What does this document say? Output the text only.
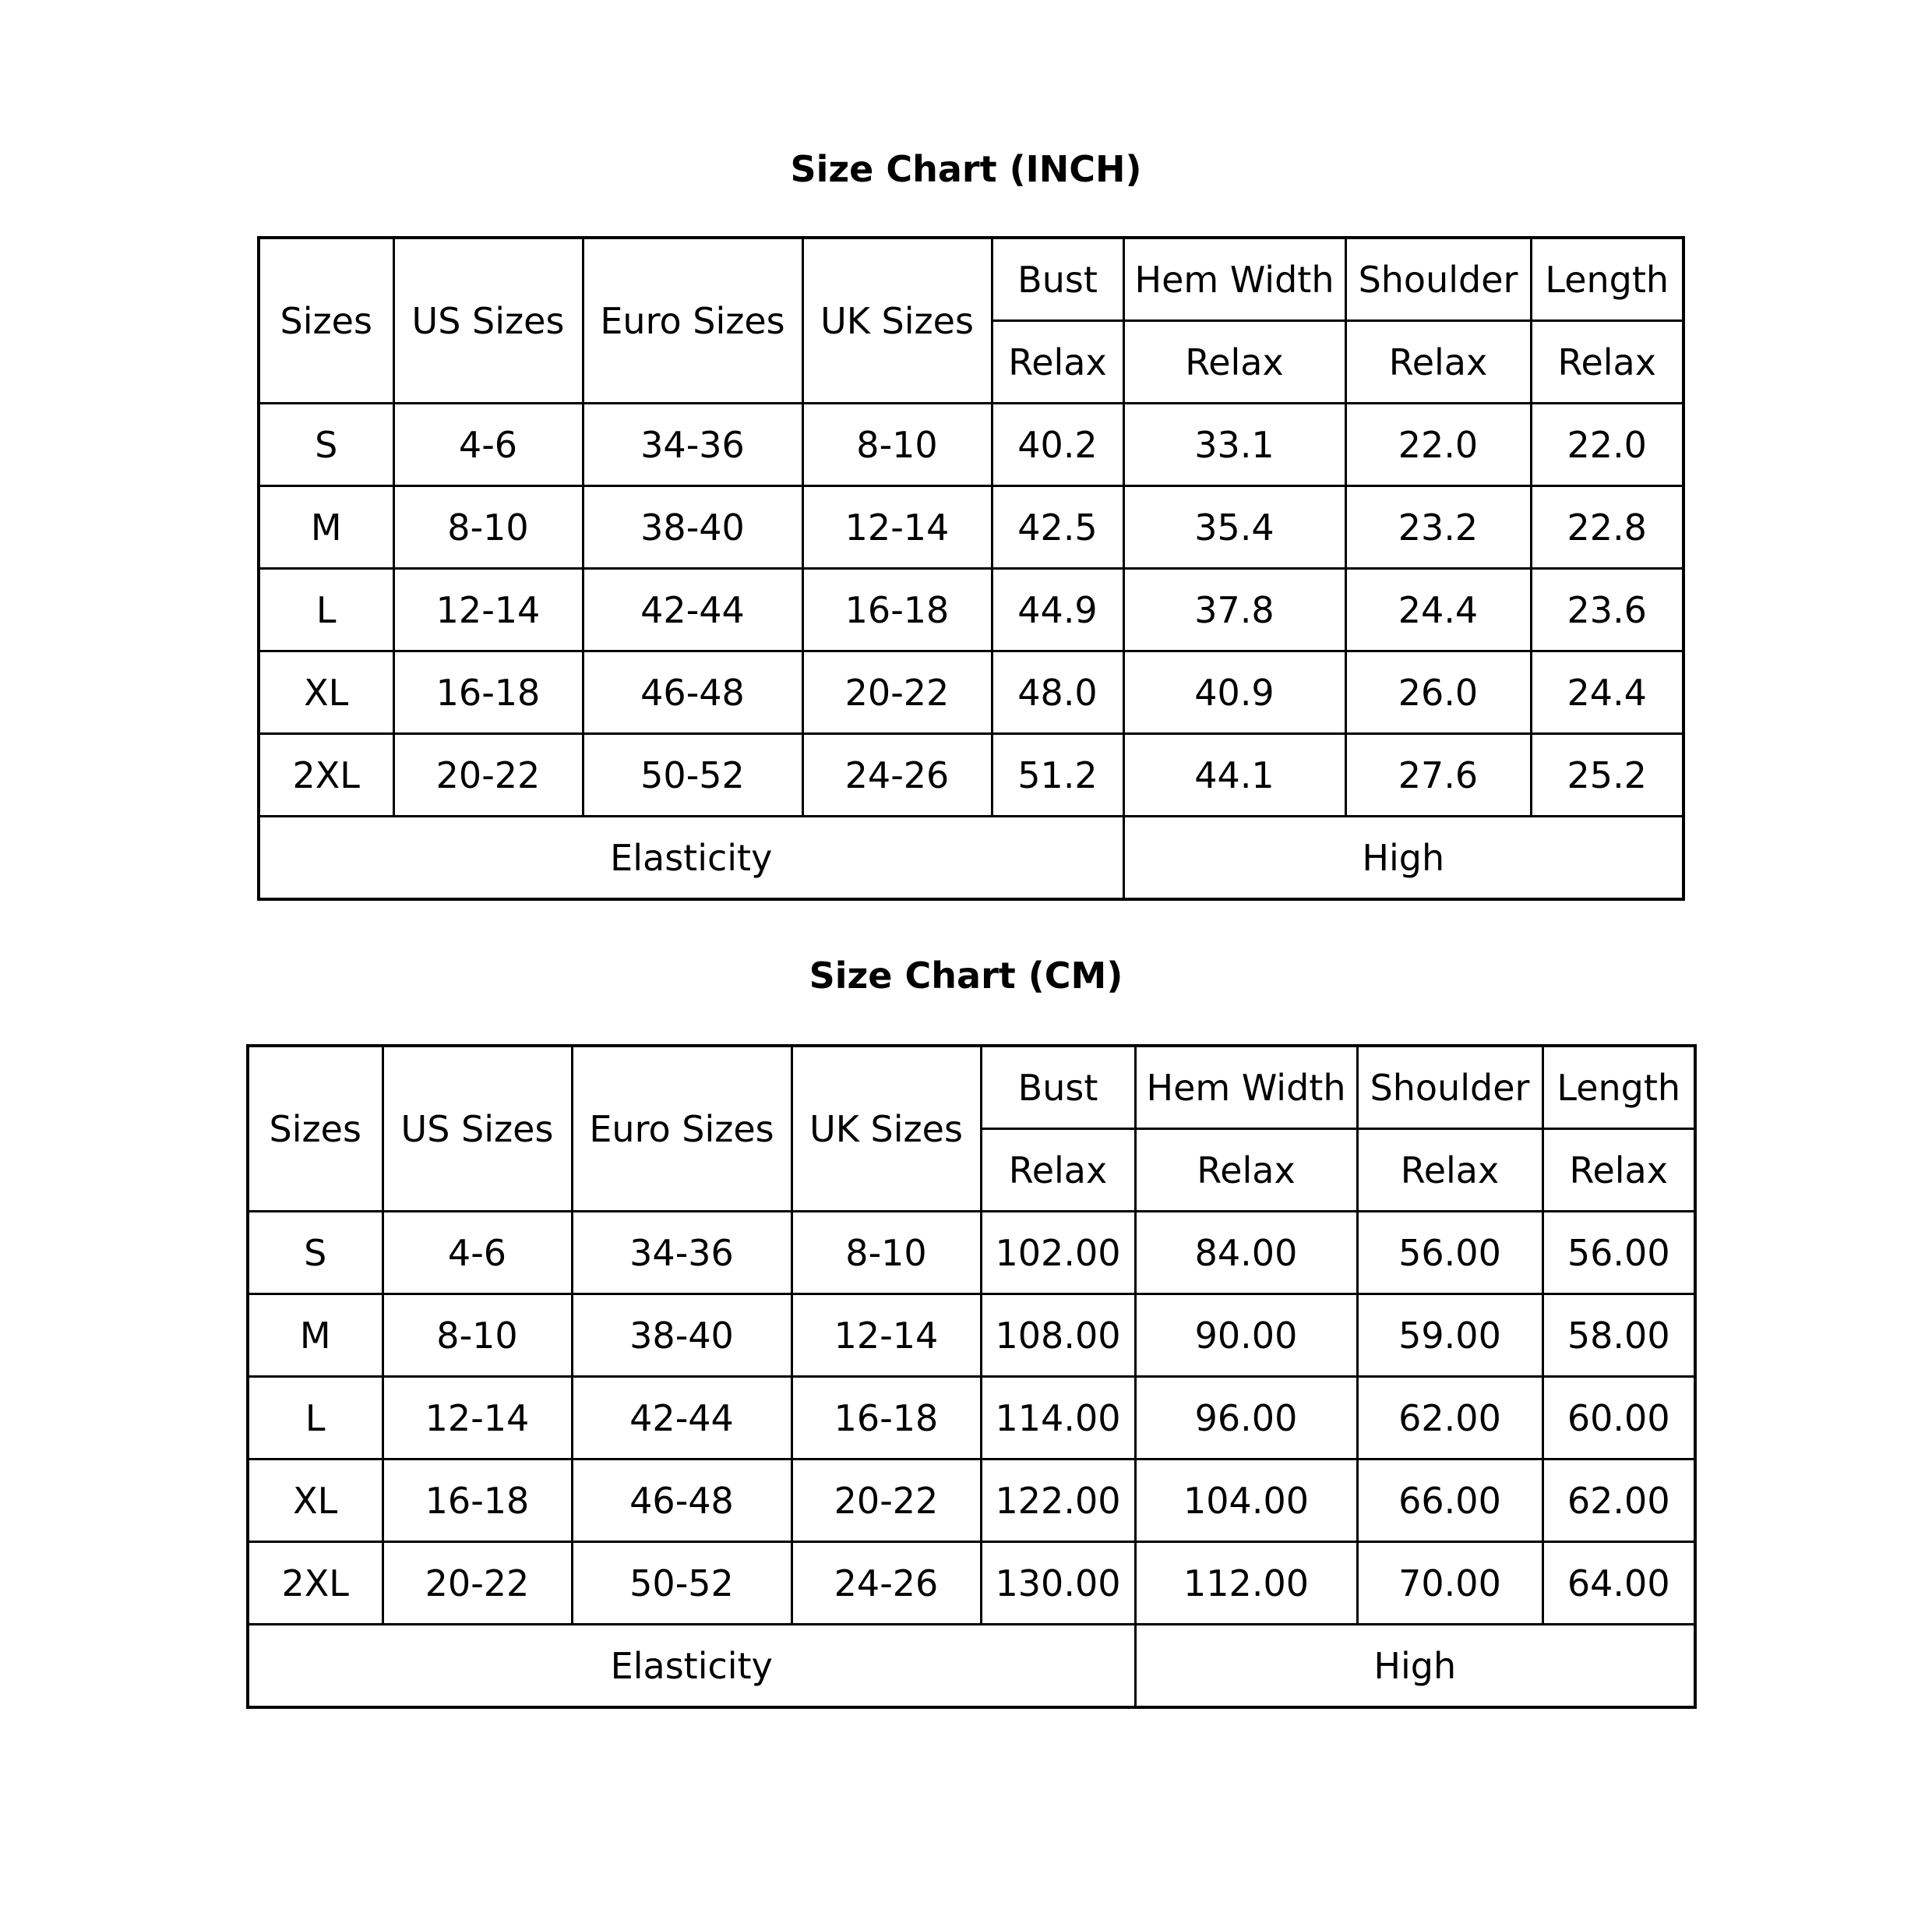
Size Chart (INCH)
Sizes	US Sizes	Euro Sizes	UK Sizes	Bust	Hem Width	Shoulder	Length
				Relax	Relax	Relax	Relax
S	4-6	34-36	8-10	40.2	33.1	22.0	22.0
M	8-10	38-40	12-14	42.5	35.4	23.2	22.8
L	12-14	42-44	16-18	44.9	37.8	24.4	23.6
XL	16-18	46-48	20-22	48.0	40.9	26.0	24.4
2XL	20-22	50-52	24-26	51.2	44.1	27.6	25.2
Elasticity					High		
Size Chart (CM)
Sizes	US Sizes	Euro Sizes	UK Sizes	Bust	Hem Width	Shoulder	Length
				Relax	Relax	Relax	Relax
S	4-6	34-36	8-10	102.00	84.00	56.00	56.00
M	8-10	38-40	12-14	108.00	90.00	59.00	58.00
L	12-14	42-44	16-18	114.00	96.00	62.00	60.00
XL	16-18	46-48	20-22	122.00	104.00	66.00	62.00
2XL	20-22	50-52	24-26	130.00	112.00	70.00	64.00
Elasticity					High		
